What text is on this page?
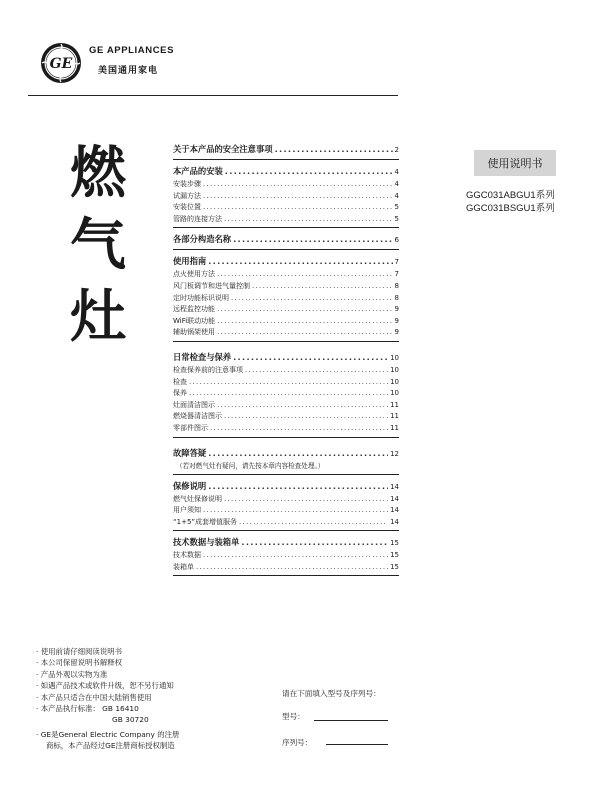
GE
GE APPLIANCES
美国通用家电
燃
气
灶
关于本产品的安全注意事项 .....	2
本产品的安装 .....	4
安装步骤 .....	4
试漏方法 .....	4
安装位置 .....	5
管路的连接方法 .....	5
各部分构造名称 .....	6
使用指南 .....	7
点火使用方法 .....	7
风门板调节和进气量控制 .....	8
定时功能标识说明 .....	8
远程监控功能 .....	9
WiFi联动功能 .....	9
辅助锅架使用 .....	9
日常检查与保养 .....	10
检查保养前的注意事项 .....	10
检查 .....	10
保养 .....	10
灶面清洁图示 .....	11
燃烧器清洁图示 .....	11
零部件图示 .....	11
故障答疑 .....	12
（若对燃气灶有疑问，请先按本章内容检查处理。）
保修说明 .....	14
燃气灶保修说明 .....	14
用户须知 .....	14
“1+5”成套增值服务 .....	14
技术数据与装箱单 .....	15
技术数据 .....	15
装箱单 .....	15
使用说明书
GGC031ABGU1系列
GGC031BSGU1系列
· 使用前请仔细阅读说明书
· 本公司保留说明书解释权
· 产品外观以实物为准
· 如遇产品技术或软件升级，恕不另行通知
· 本产品只适合在中国大陆销售使用
· 本产品执行标准： GB 16410
GB 30720
· GE是General Electric Company 的注册
商标，本产品经过GE注册商标授权制造
请在下面填入型号及序列号：
型号：
序列号：
